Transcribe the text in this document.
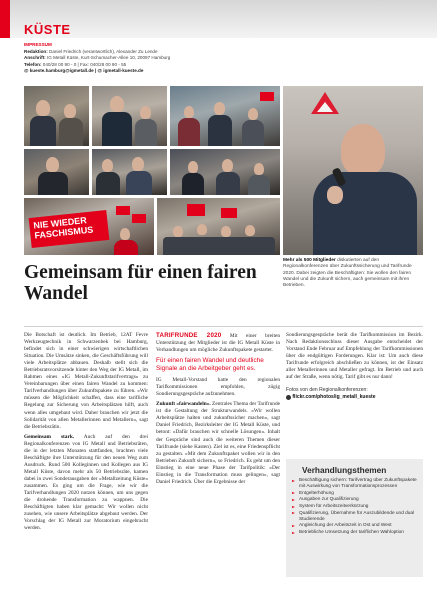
KÜSTE
IMPRESSUM
Redaktion: Daniel Friedrich (verantwortlich), Alexander Zu Lende
Anschrift: IG Metall Küste, Kurt-Schumacher-Allee 10, 20097 Hamburg
Telefon: 040/28 00 90 - 0 | Fax: 040/28 00 90 - 55
@ kueste.hamburg@igmetall.de | @ igmetall-kueste.de
NIE WIEDER FASCHISMUS
Mehr als 500 Mitglieder diskutierten auf den Regionalkonferenzen über Zukunftssicherung und Tarifrunde 2020. Dabei zeigten die Beschäftigten: Sie wollen den fairen Wandel und die Zukunft sichern, auch gemeinsam mit ihren Betrieben.
Gemeinsam für einen fairen Wandel

Die Botschaft ist deutlich. Im Betrieb, 12AT Fevre Werkzeugtechnik in Schwarzenbek bei Hamburg, befindet sich in einer schwierigen wirtschaftlichen Situation. Die Umsätze sinken, die Geschäftsführung will viele Arbeitsplätze abbauen. Deshalb stellt sich die Betriebsratsvorsitzende hinter den Weg der IG Metall, im Rahmen eines »IG ​Metall-Zukunftstarifvertrags« zu Vereinbarungen über einen fairen Wandel zu kommen: Tarifverhandlungen über Zukunftspakete zu führen. »Wir müssen die Möglichkeit schaffen, dass eine tarifliche Regelung zur Sicherung von Arbeitsplätzen hilft, auch wenn alles umgebaut wird. Daher brauchen wir jetzt die Solidarität von allen Metallerinnen und Metallern«, sagt die Betriebsrätin.

Gemeinsam stark. Auch auf den drei Regionalkonferenzen von IG Metall und Betriebsräten, die in der letzten Monaten stattfanden, brachten viele Beschäftigte ihre Unterstützung für den neuen Weg zum Ausdruck. Rund 500 Kolleginnen und Kollegen aus IG Metall Küste, davon mehr als 50 Betriebsräte, kamen dabei in zwei Sonderausgaben der »Metallzeitung Küste« zusammen. Es ging um die Frage, wie wir die Tarifverhandlungen 2020 nutzen können, um uns gegen die drohende Transformation zu wappnen. Die Beschäftigten haben klar gemacht: Wir wollen nicht zusehen, wie unsere Arbeitsplätze abgebaut werden. Der Vorschlag der IG Metall zur Moratorium eingebracht werden.

TARIFRUNDE 2020 Mit einer breiten Unterstützung der Mitglieder ist die IG Metall Küste in Verhandlungen um mögliche Zukunftspakete gestartet.

Für einen fairen Wandel und deutliche Signale an die Arbeitgeber geht es.

IG Metall-Vorstand hatte den regionalen Tarifkommissionen empfohlen, zügig Sondierungsgespräche aufzunehmen.

Zukunft »fairwandeln«. Zentrales Thema der Tarifrunde ist die Gestaltung der Strukturwandels. »Wir wollen Arbeitsplätze halten und zukunftssicher machen«, sagt Daniel Friedrich, Bezirksleiter der IG Metall Küste, und betont: »Dafür brauchen wir schnelle Lösungen«. Inhalt der Gespräche sind auch die weiteren Themen dieser Tarifrunde (siehe Kasten). Ziel ist es, eine Friedenspflicht zu gestalten. »Mit dem Zukunftspaket wollen wir in den Betrieben Zukunft sichern«, so Friedrich. Es geht um den Einstieg in eine neue Phase der Tarifpolitik: »Der Einstieg in die Transformation muss gelingen«, sagt Daniel Friedrich. Über die Ergebnisse der

Sondierungsgespräche berät die Tarifkommission im Bezirk. Nach Redaktionsschluss dieser Ausgabe entscheidet der Vorstand Ende Februar auf Empfehlung der Tarifkommissionen über die endgültigen Forderungen. Klar ist: Um auch diese Tarifrunde erfolgreich abschließen zu können, ist der Einsatz aller Metallerinnen und Metaller gefragt. Im Betrieb und auch auf der Straße, wenn nötig. Tarif gibt es nur dann!

Fotos von den Regionalkonferenzen:
flickr.com/photos/ig_metall_kueste
Verhandlungsthemen
Beschäftigung sichern: Tarifvertrag über Zukunftspakete mit Auswirkung von Transformationsprozessen
Entgelterhöhung
Ausgaben zur Qualifizierung
System für Arbeitszeitverkürzung
Qualifizierung, Übernahme für Auszubildende und dual Studierende
Angleichung der Arbeitszeit in Ost und West
Betriebliche Umsetzung der tariflichen Wahloption
